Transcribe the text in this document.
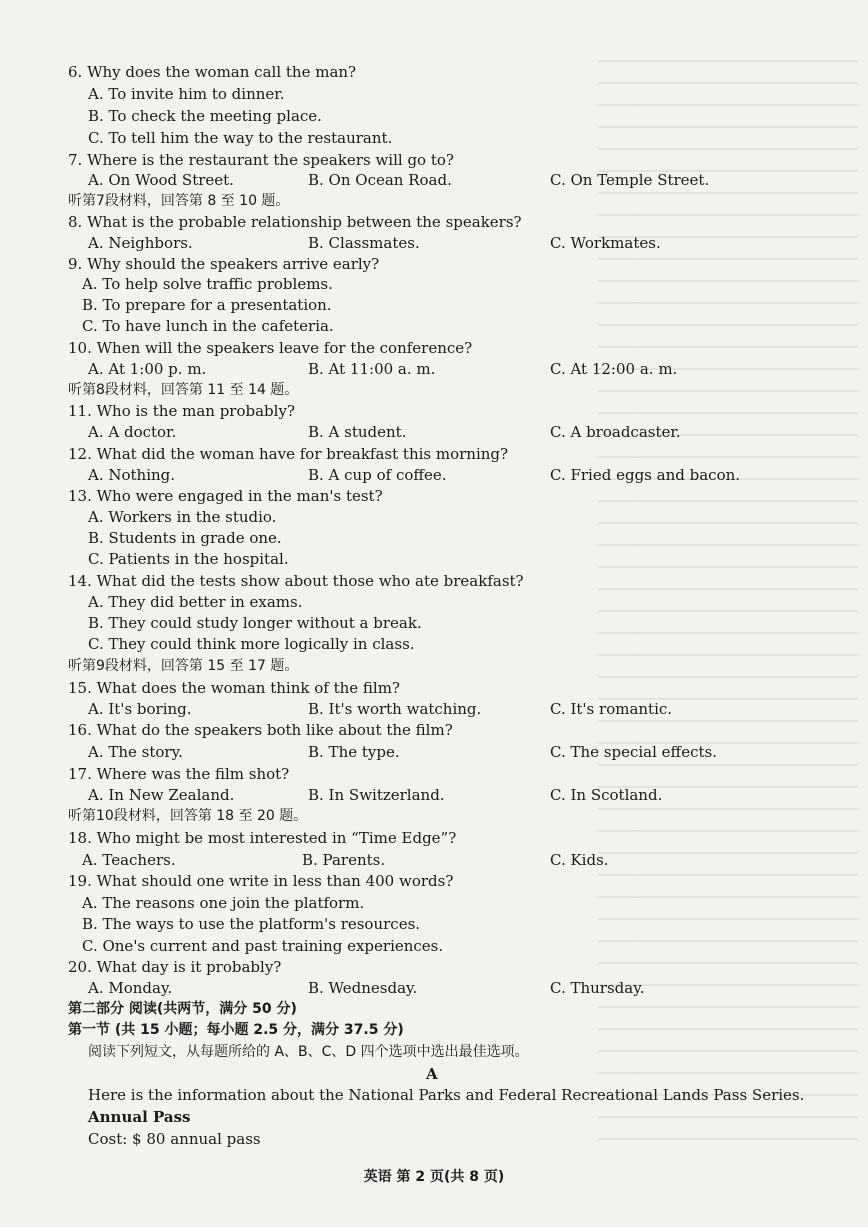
6. Why does the woman call the man?
A. To invite him to dinner.
B. To check the meeting place.
C. To tell him the way to the restaurant.
7. Where is the restaurant the speakers will go to?
A. On Wood Street.	B. On Ocean Road.	C. On Temple Street.
听第7段材料，回答第 8 至 10 题。
8. What is the probable relationship between the speakers?
A. Neighbors.	B. Classmates.	C. Workmates.
9. Why should the speakers arrive early?
A. To help solve traffic problems.
B. To prepare for a presentation.
C. To have lunch in the cafeteria.
10. When will the speakers leave for the conference?
A. At 1:00 p. m.	B. At 11:00 a. m.	C. At 12:00 a. m.
听第8段材料，回答第 11 至 14 题。
11. Who is the man probably?
A. A doctor.	B. A student.	C. A broadcaster.
12. What did the woman have for breakfast this morning?
A. Nothing.	B. A cup of coffee.	C. Fried eggs and bacon.
13. Who were engaged in the man's test?
A. Workers in the studio.
B. Students in grade one.
C. Patients in the hospital.
14. What did the tests show about those who ate breakfast?
A. They did better in exams.
B. They could study longer without a break.
C. They could think more logically in class.
听第9段材料，回答第 15 至 17 题。
15. What does the woman think of the film?
A. It's boring.	B. It's worth watching.	C. It's romantic.
16. What do the speakers both like about the film?
A. The story.	B. The type.	C. The special effects.
17. Where was the film shot?
A. In New Zealand.	B. In Switzerland.	C. In Scotland.
听第10段材料，回答第 18 至 20 题。
18. Who might be most interested in “Time Edge”?
A. Teachers.	B. Parents.	C. Kids.
19. What should one write in less than 400 words?
A. The reasons one join the platform.
B. The ways to use the platform's resources.
C. One's current and past training experiences.
20. What day is it probably?
A. Monday.	B. Wednesday.	C. Thursday.
第二部分 阅读(共两节，满分 50 分)
第一节 (共 15 小题；每小题 2.5 分，满分 37.5 分)
阅读下列短文，从每题所给的 A、B、C、D 四个选项中选出最佳选项。
A
Here is the information about the National Parks and Federal Recreational Lands Pass Series.
Annual Pass
Cost: $ 80 annual pass
英语 第 2 页(共 8 页)
